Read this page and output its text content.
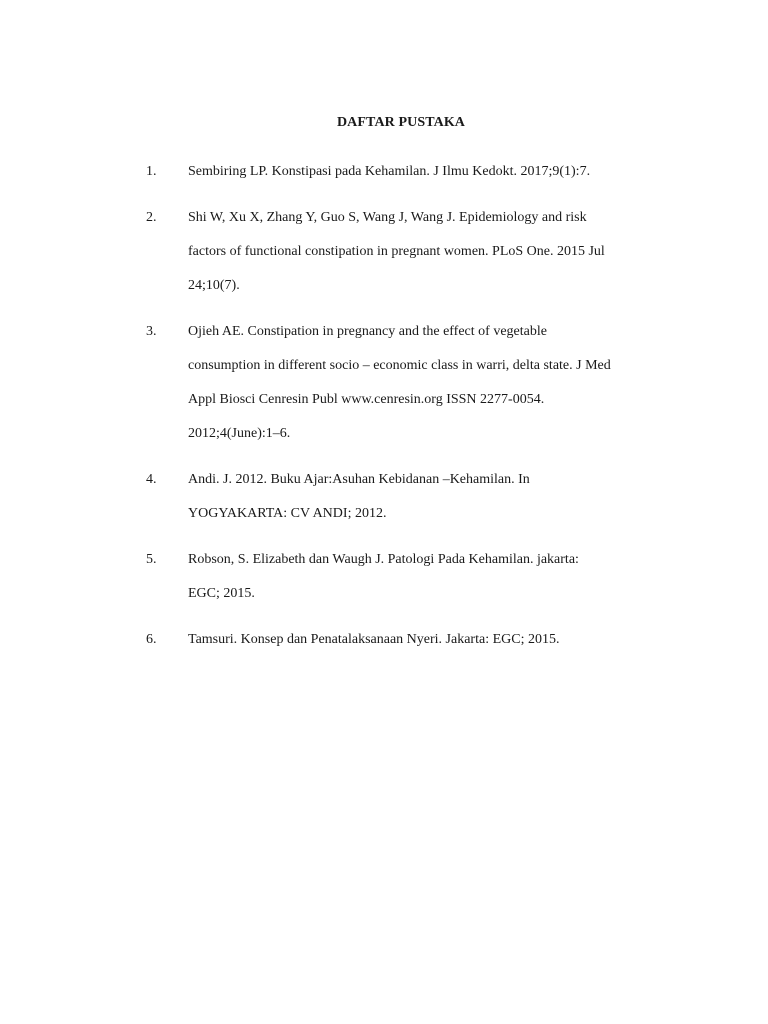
DAFTAR PUSTAKA
1. Sembiring LP. Konstipasi pada Kehamilan. J Ilmu Kedokt. 2017;9(1):7.
2. Shi W, Xu X, Zhang Y, Guo S, Wang J, Wang J. Epidemiology and risk
factors of functional constipation in pregnant women. PLoS One. 2015 Jul
24;10(7).
3. Ojieh AE. Constipation in pregnancy and the effect of vegetable
consumption in different socio – economic class in warri, delta state. J Med
Appl Biosci Cenresin Publ www.cenresin.org ISSN 2277-0054.
2012;4(June):1–6.
4. Andi. J. 2012. Buku Ajar:Asuhan Kebidanan –Kehamilan. In
YOGYAKARTA: CV ANDI; 2012.
5. Robson, S. Elizabeth dan Waugh J. Patologi Pada Kehamilan. jakarta:
EGC; 2015.
6. Tamsuri. Konsep dan Penatalaksanaan Nyeri. Jakarta: EGC; 2015.
